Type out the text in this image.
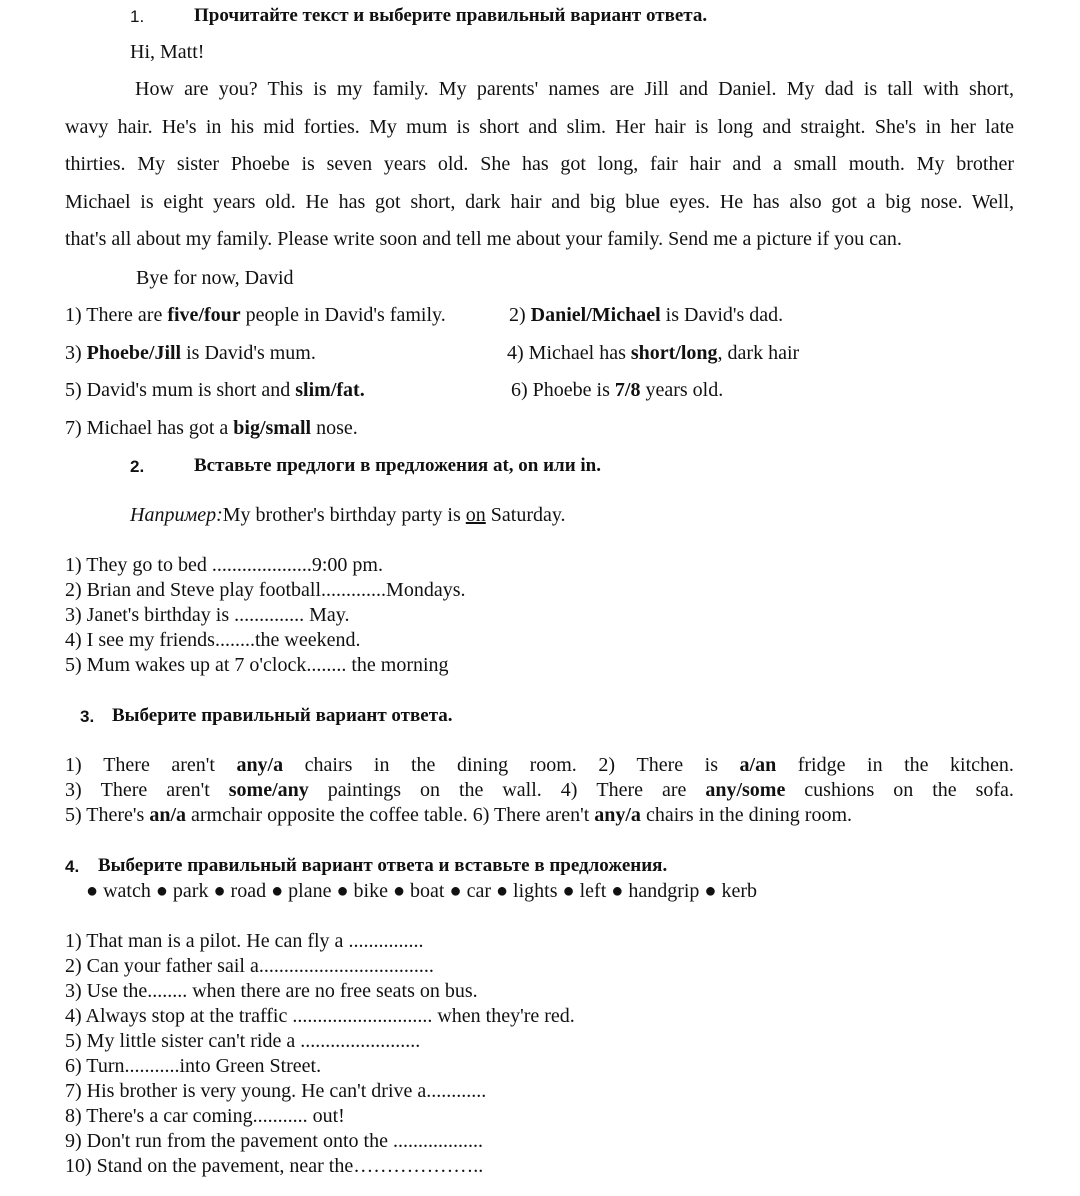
1.	Прочитайте текст и выберите правильный вариант ответа.
Hi, Matt!
How are you? This is my family. My parents' names are Jill and Daniel. My dad is tall with short,
wavy hair. He's in his mid forties. My mum is short and slim. Her hair is long and straight. She's in her late
thirties. My sister Phoebe is seven years old. She has got long, fair hair and a small mouth. My brother
Michael is eight years old. He has got short, dark hair and big blue eyes. He has also got a big nose. Well,
that's all about my family. Please write soon and tell me about your family. Send me a picture if you can.
Bye for now, David
1) There are five/four people in David's family.	2) Daniel/Michael is David's dad.
3) Phoebe/Jill is David's mum.	4) Michael has short/long, dark hair
5) David's mum is short and slim/fat.	6) Phoebe is 7/8 years old.
7) Michael has got a big/small nose.
2.	Вставьте предлоги в предложения at, on или in.
Например:My brother's birthday party is on Saturday.
1) They go to bed ....................9:00 pm.
2) Brian and Steve play football.............Mondays.
3) Janet's birthday is .............. May.
4) I see my friends........the weekend.
5) Mum wakes up at 7 o'clock........ the morning
3. Выберите правильный вариант ответа.
1) There aren't any/a chairs in the dining room. 2) There is a/an fridge in the kitchen.
3) There aren't some/any paintings on the wall. 4) There are any/some cushions on the sofa.
5) There's an/a armchair opposite the coffee table. 6) There aren't any/a chairs in the dining room.
4. Выберите правильный вариант ответа и вставьте в предложения.
● watch ● park ● road ● plane ● bike ● boat ● car ● lights ● left ● handgrip ● kerb
1) That man is a pilot. He can fly a ...............
2) Can your father sail a...................................
3) Use the........ when there are no free seats on bus.
4) Always stop at the traffic ............................ when they're red.
5) My little sister can't ride a ........................
6) Turn...........into Green Street.
7) His brother is very young. He can't drive a............
8) There's a car coming........... out!
9) Don't run from the pavement onto the ..................
10) Stand on the pavement, near the………………..
